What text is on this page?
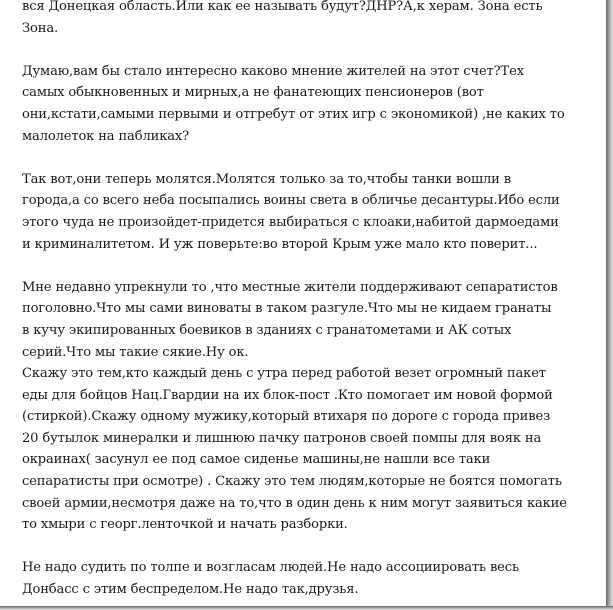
вся Донецкая область.Или как ее называть будут?ДНР?А,к херам. Зона есть
Зона.

Думаю,вам бы стало интересно каково мнение жителей на этот счет?Тех
самых обыкновенных и мирных,а не фанатеющих пенсионеров (вот
они,кстати,самыми первыми и отгребут от этих игр с экономикой) ,не каких то
малолеток на пабликах?

Так вот,они теперь молятся.Молятся только за то,чтобы танки вошли в
города,а со всего неба посыпались воины света в обличье десантуры.Ибо если
этого чуда не произойдет-придется выбираться с клоаки,набитой дармоедами
и криминалитетом. И уж поверьте:во второй Крым уже мало кто поверит...

Мне недавно упрекнули то ,что местные жители поддерживают сепаратистов
поголовно.Что мы сами виноваты в таком разгуле.Что мы не кидаем гранаты
в кучу экипированных боевиков в зданиях с гранатометами и АК сотых
серий.Что мы такие сякие.Ну ок.
Скажу это тем,кто каждый день с утра перед работой везет огромный пакет
еды для бойцов Нац.Гвардии на их блок-пост .Кто помогает им новой формой
(стиркой).Скажу одному мужику,который втихаря по дороге с города привез
20 бутылок минералки и лишнюю пачку патронов своей помпы для вояк на
окраинах( засунул ее под самое сиденье машины,не нашли все таки
сепаратисты при осмотре) . Скажу это тем людям,которые не боятся помогать
своей армии,несмотря даже на то,что в один день к ним могут заявиться какие
то хмыри с георг.ленточкой и начать разборки.

Не надо судить по толпе и возгласам людей.Не надо ассоциировать весь
Донбасс с этим беспределом.Не надо так,друзья.
